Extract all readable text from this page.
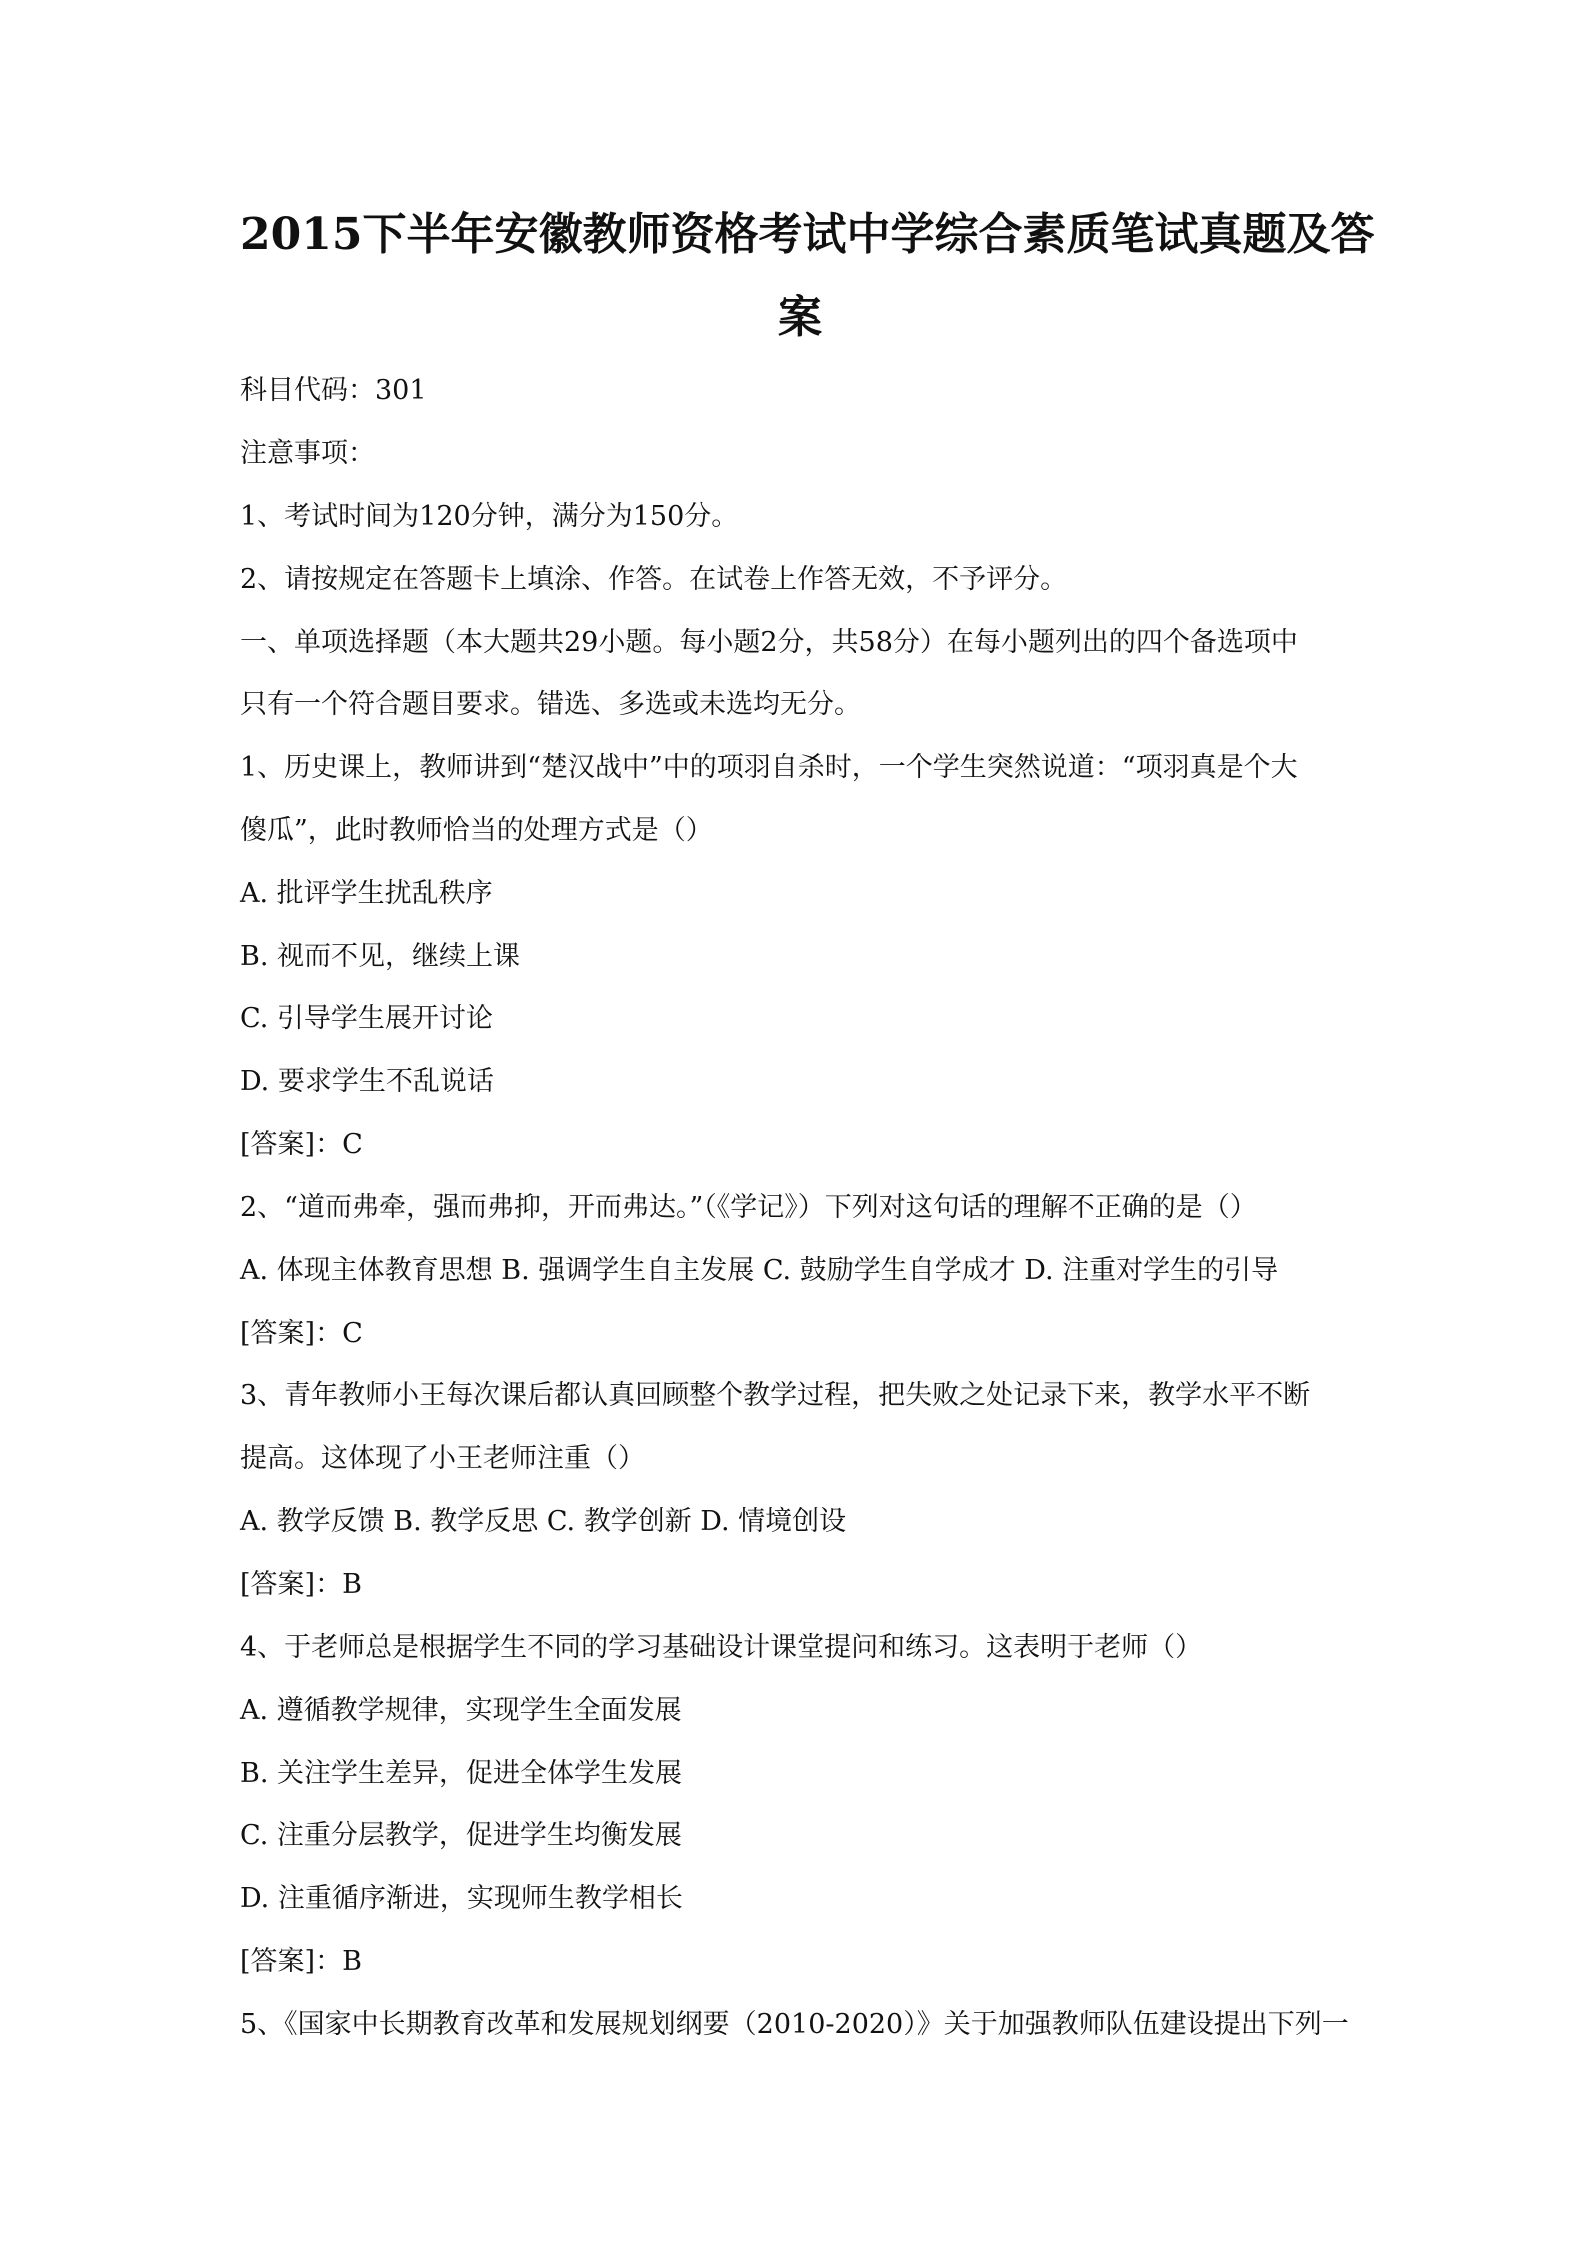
2015下半年安徽教师资格考试中学综合素质笔试真题及答
案
科目代码：301
注意事项：
1、考试时间为120分钟，满分为150分。
2、请按规定在答题卡上填涂、作答。在试卷上作答无效，不予评分。
一、单项选择题（本大题共29小题。每小题2分，共58分）在每小题列出的四个备选项中
只有一个符合题目要求。错选、多选或未选均无分。
1、历史课上，教师讲到“楚汉战中”中的项羽自杀时，一个学生突然说道：“项羽真是个大
傻瓜”，此时教师恰当的处理方式是（）
A. 批评学生扰乱秩序
B. 视而不见，继续上课
C. 引导学生展开讨论
D. 要求学生不乱说话
[答案]：C
2、“道而弗牵，强而弗抑，开而弗达。”（《学记》）下列对这句话的理解不正确的是（）
A. 体现主体教育思想 B. 强调学生自主发展 C. 鼓励学生自学成才 D. 注重对学生的引导
[答案]：C
3、青年教师小王每次课后都认真回顾整个教学过程，把失败之处记录下来，教学水平不断
提高。这体现了小王老师注重（）
A. 教学反馈 B. 教学反思 C. 教学创新 D. 情境创设
[答案]：B
4、于老师总是根据学生不同的学习基础设计课堂提问和练习。这表明于老师（）
A. 遵循教学规律，实现学生全面发展
B. 关注学生差异，促进全体学生发展
C. 注重分层教学，促进学生均衡发展
D. 注重循序渐进，实现师生教学相长
[答案]：B
5、《国家中长期教育改革和发展规划纲要（2010-2020）》关于加强教师队伍建设提出下列一
